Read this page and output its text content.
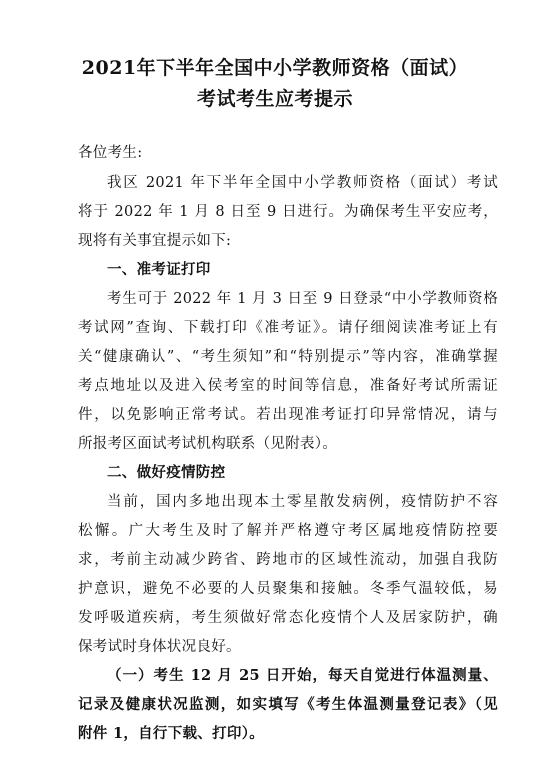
2021年下半年全国中小学教师资格（面试）
考试考生应考提示
各位考生:
我区 2021 年下半年全国中小学教师资格（面试）考试
将于 2022 年 1 月 8 日至 9 日进行。为确保考生平安应考，
现将有关事宜提示如下:
一、准考证打印
考生可于 2022 年 1 月 3 日至 9 日登录“中小学教师资格
考试网”查询、下载打印《准考证》。请仔细阅读准考证上有
关“健康确认”、“考生须知”和“特别提示”等内容，准确掌握
考点地址以及进入侯考室的时间等信息，准备好考试所需证
件，以免影响正常考试。若出现准考证打印异常情况，请与
所报考区面试考试机构联系（见附表）。
二、做好疫情防控
当前，国内多地出现本土零星散发病例，疫情防护不容
松懈。广大考生及时了解并严格遵守考区属地疫情防控要
求，考前主动减少跨省、跨地市的区域性流动，加强自我防
护意识，避免不必要的人员聚集和接触。冬季气温较低，易
发呼吸道疾病，考生须做好常态化疫情个人及居家防护，确
保考试时身体状况良好。
（一）考生 12 月 25 日开始，每天自觉进行体温测量、
记录及健康状况监测，如实填写《考生体温测量登记表》（见
附件 1，自行下载、打印）。
